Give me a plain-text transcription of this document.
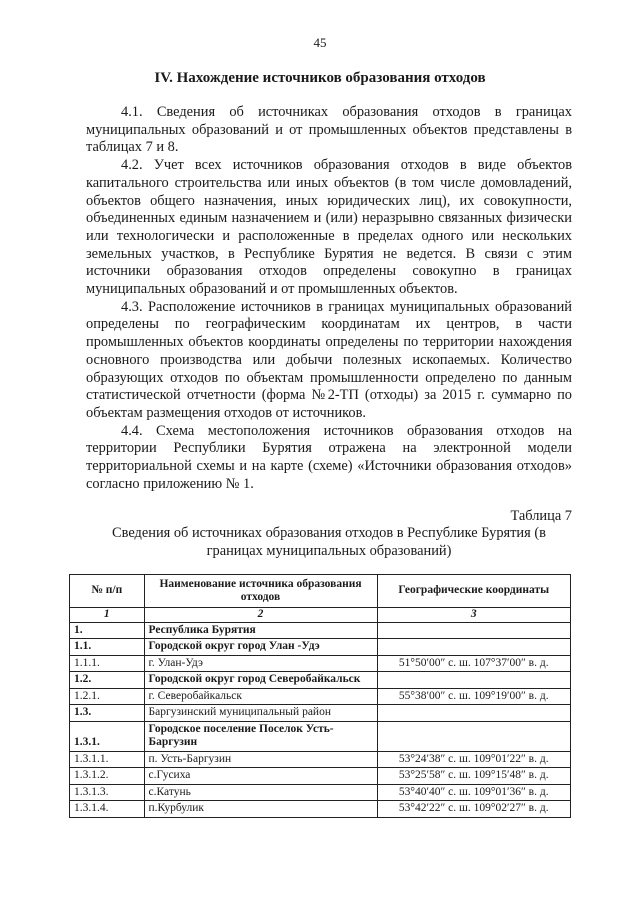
45
IV. Нахождение источников образования отходов

4.1. Сведения об источниках образования отходов в границах муниципальных образований и от промышленных объектов представлены в таблицах 7 и 8.

4.2. Учет всех источников образования отходов в виде объектов капитального строительства или иных объектов (в том числе домовладений, объектов общего назначения, иных юридических лиц), их совокупности, объединенных единым назначением и (или) неразрывно связанных физически или технологически и расположенные в пределах одного или нескольких земельных участков, в Республике Бурятия не ведется. В связи с этим источники образования отходов определены совокупно в границах муниципальных образований и от промышленных объектов.

4.3. Расположение источников в границах муниципальных образований определены по географическим координатам их центров, в части промышленных объектов координаты определены по территории нахождения основного производства или добычи полезных ископаемых. Количество образующих отходов по объектам промышленности определено по данным статистической отчетности (форма №2-ТП (отходы) за 2015 г. суммарно по объектам размещения отходов от источников.

4.4. Схема местоположения источников образования отходов на территории Республики Бурятия отражена на электронной модели территориальной схемы и на карте (схеме) «Источники образования отходов» согласно приложению № 1.

Таблица 7
Сведения об источниках образования отходов в Республике Бурятия (в границах муниципальных образований)
№ п/п	Наименование источника образования отходов	Географические координаты
1	2	3
1.	Республика Бурятия	
1.1.	Городской округ город Улан -Удэ	
1.1.1.	г. Улан-Удэ	51°50′00″ с. ш. 107°37′00″ в. д.
1.2.	Городской округ город Северобайкальск	
1.2.1.	г. Северобайкальск	55°38′00″ с. ш. 109°19′00″ в. д.
1.3.	Баргузинский муниципальный район	
1.3.1.	Городское поселение Поселок Усть-Баргузин	
1.3.1.1.	п. Усть-Баргузин	53°24′38″ с. ш. 109°01′22″ в. д.
1.3.1.2.	с.Гусиха	53°25′58″ с. ш. 109°15′48″ в. д.
1.3.1.3.	с.Катунь	53°40′40″ с. ш. 109°01′36″ в. д.
1.3.1.4.	п.Курбулик	53°42′22″ с. ш. 109°02′27″ в. д.
